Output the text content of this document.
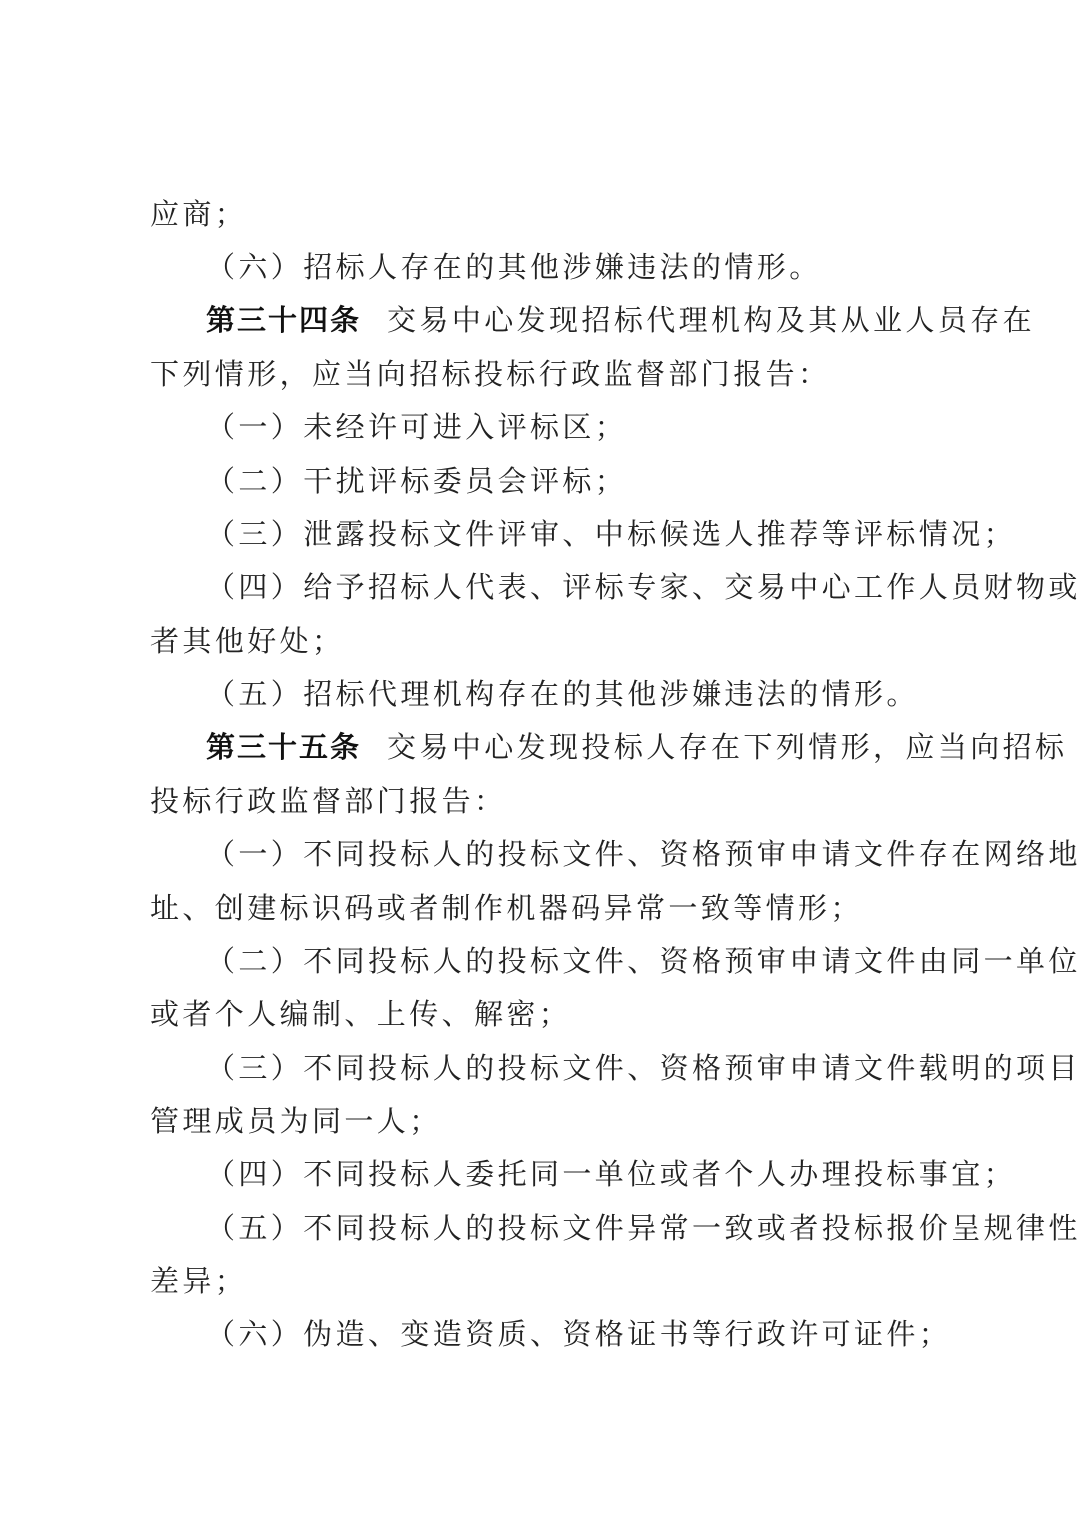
应商；
（六）招标人存在的其他涉嫌违法的情形。
第三十四条 交易中心发现招标代理机构及其从业人员存在
下列情形，应当向招标投标行政监督部门报告：
（一）未经许可进入评标区；
（二）干扰评标委员会评标；
（三）泄露投标文件评审、中标候选人推荐等评标情况；
（四）给予招标人代表、评标专家、交易中心工作人员财物或
者其他好处；
（五）招标代理机构存在的其他涉嫌违法的情形。
第三十五条 交易中心发现投标人存在下列情形，应当向招标
投标行政监督部门报告：
（一）不同投标人的投标文件、资格预审申请文件存在网络地
址、创建标识码或者制作机器码异常一致等情形；
（二）不同投标人的投标文件、资格预审申请文件由同一单位
或者个人编制、上传、解密；
（三）不同投标人的投标文件、资格预审申请文件载明的项目
管理成员为同一人；
（四）不同投标人委托同一单位或者个人办理投标事宜；
（五）不同投标人的投标文件异常一致或者投标报价呈规律性
差异；
（六）伪造、变造资质、资格证书等行政许可证件；
